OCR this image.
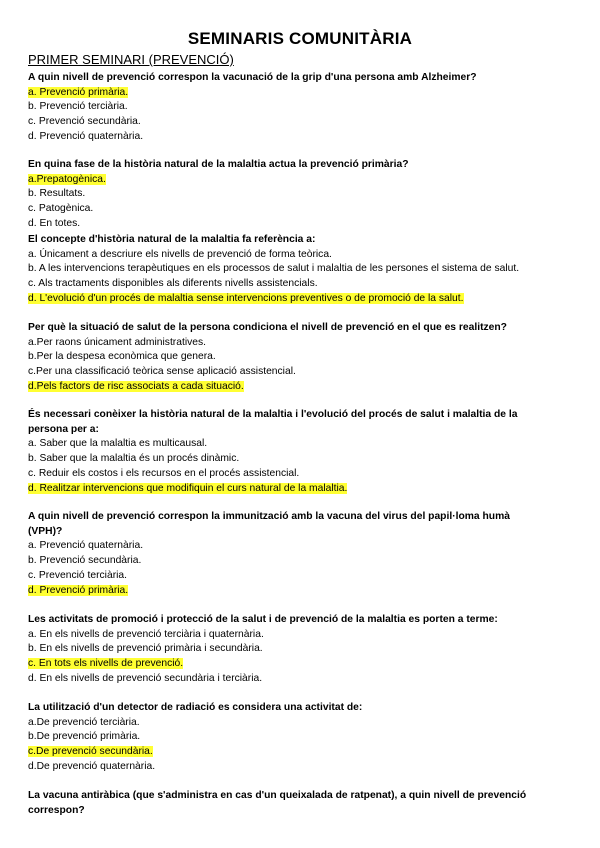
SEMINARIS COMUNITÀRIA
PRIMER SEMINARI (PREVENCIÓ)
A quin nivell de prevenció correspon la vacunació de la grip d'una persona amb Alzheimer?
a. Prevenció primària.
b. Prevenció terciària.
c. Prevenció secundària.
d. Prevenció quaternària.
En quina fase de la història natural de la malaltia actua la prevenció primària?
a.Prepatogènica.
b. Resultats.
c. Patogènica.
d. En totes.
El concepte d'història natural de la malaltia fa referència a:
a. Únicament a descriure els nivells de prevenció de forma teòrica.
b. A les intervencions terapèutiques en els processos de salut i malaltia de les persones el sistema de salut.
c. Als tractaments disponibles als diferents nivells assistencials.
d. L'evolució d'un procés de malaltia sense intervencions preventives o de promoció de la salut.
Per què la situació de salut de la persona condiciona el nivell de prevenció en el que es realitzen?
a.Per raons únicament administratives.
b.Per la despesa econòmica que genera.
c.Per una classificació teòrica sense aplicació assistencial.
d.Pels factors de risc associats a cada situació.
És necessari conèixer la història natural de la malaltia i l'evolució del procés de salut i malaltia de la
persona per a:
a. Saber que la malaltia es multicausal.
b. Saber que la malaltia és un procés dinàmic.
c. Reduir els costos i els recursos en el procés assistencial.
d. Realitzar intervencions que modifiquin el curs natural de la malaltia.
A quin nivell de prevenció correspon la immunització amb la vacuna del virus del papil·loma humà
(VPH)?
a. Prevenció quaternària.
b. Prevenció secundària.
c. Prevenció terciària.
d. Prevenció primària.
Les activitats de promoció i protecció de la salut i de prevenció de la malaltia es porten a terme:
a. En els nivells de prevenció terciària i quaternària.
b. En els nivells de prevenció primària i secundària.
c. En tots els nivells de prevenció.
d. En els nivells de prevenció secundària i terciària.
La utilització d'un detector de radiació es considera una activitat de:
a.De prevenció terciària.
b.De prevenció primària.
c.De prevenció secundària.
d.De prevenció quaternària.
La vacuna antiràbica (que s'administra en cas d'un queixalada de ratpenat), a quin nivell de prevenció
correspon?
